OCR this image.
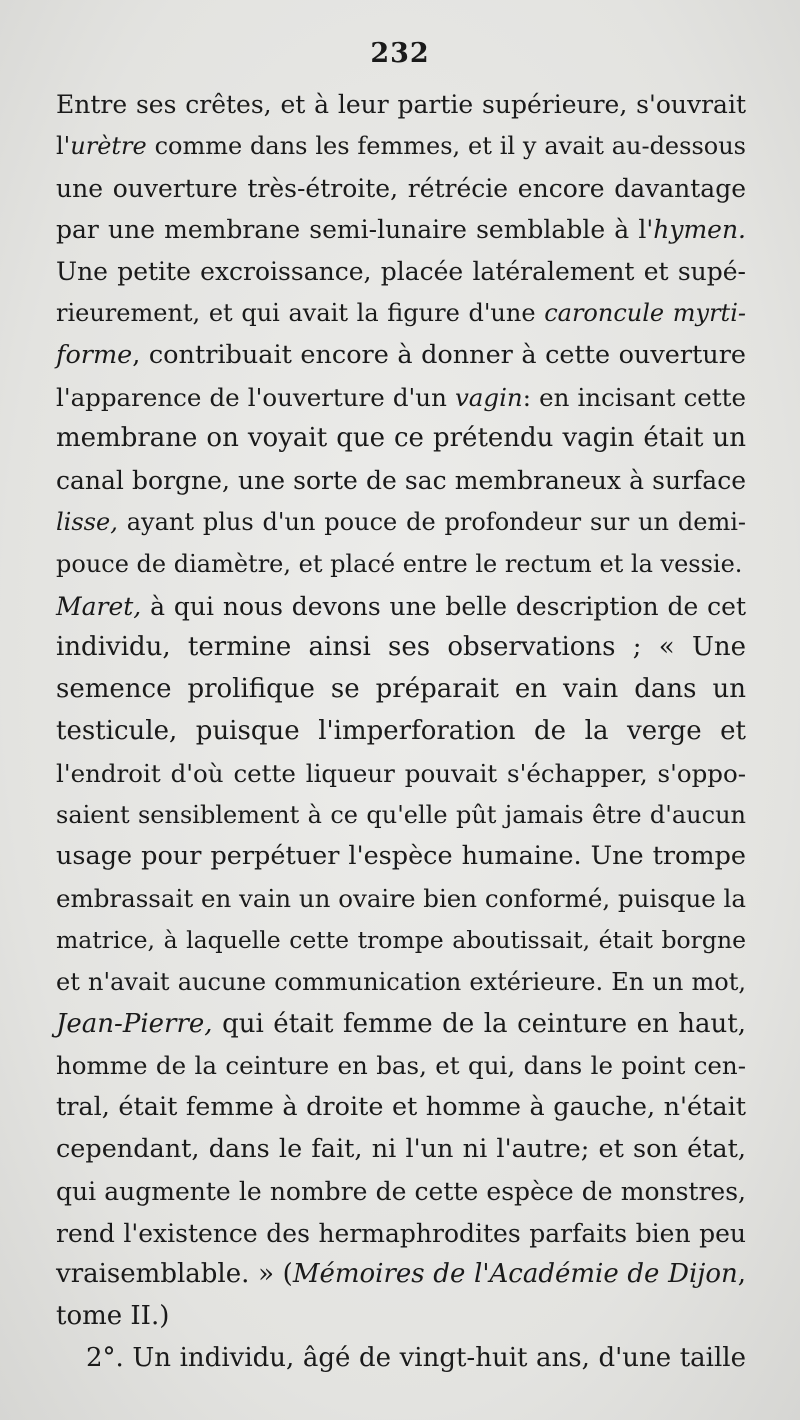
232
Entre ses crêtes, et à leur partie supérieure, s'ouvrait
l'urètre comme dans les femmes, et il y avait au-dessous
une ouverture très-étroite, rétrécie encore davantage
par une membrane semi-lunaire semblable à l'hymen.
Une petite excroissance, placée latéralement et supé-
rieurement, et qui avait la figure d'une caroncule myrti-
forme, contribuait encore à donner à cette ouverture
l'apparence de l'ouverture d'un vagin: en incisant cette
membrane on voyait que ce prétendu vagin était un
canal borgne, une sorte de sac membraneux à surface
lisse, ayant plus d'un pouce de profondeur sur un demi-
pouce de diamètre, et placé entre le rectum et la vessie.
Maret, à qui nous devons une belle description de cet
individu, termine ainsi ses observations ; « Une
semence prolifique se préparait en vain dans un
testicule, puisque l'imperforation de la verge et
l'endroit d'où cette liqueur pouvait s'échapper, s'oppo-
saient sensiblement à ce qu'elle pût jamais être d'aucun
usage pour perpétuer l'espèce humaine. Une trompe
embrassait en vain un ovaire bien conformé, puisque la
matrice, à laquelle cette trompe aboutissait, était borgne
et n'avait aucune communication extérieure. En un mot,
Jean-Pierre, qui était femme de la ceinture en haut,
homme de la ceinture en bas, et qui, dans le point cen-
tral, était femme à droite et homme à gauche, n'était
cependant, dans le fait, ni l'un ni l'autre; et son état,
qui augmente le nombre de cette espèce de monstres,
rend l'existence des hermaphrodites parfaits bien peu
vraisemblable. » (Mémoires de l'Académie de Dijon,
tome II.)
2°. Un individu, âgé de vingt-huit ans, d'une taille
